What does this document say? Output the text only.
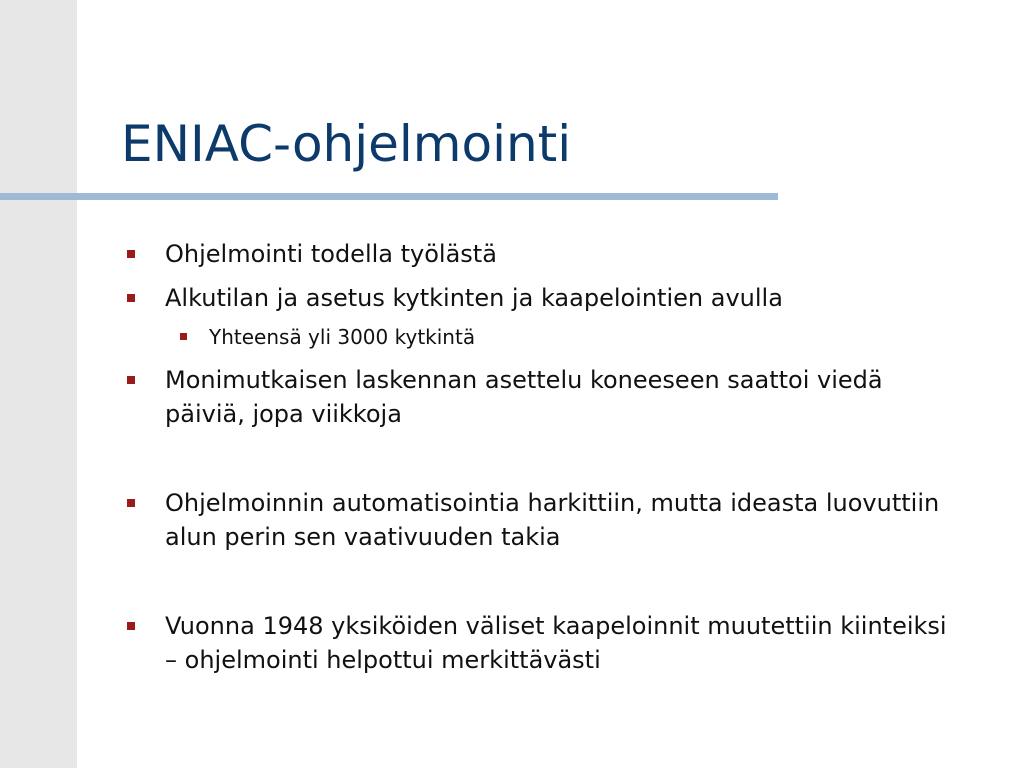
ENIAC-ohjelmointi
Ohjelmointi todella työlästä
Alkutilan ja asetus kytkinten ja kaapelointien avulla
Yhteensä yli 3000 kytkintä
Monimutkaisen laskennan asettelu koneeseen saattoi viedä päiviä, jopa viikkoja
Ohjelmoinnin automatisointia harkittiin, mutta ideasta luovuttiin alun perin sen vaativuuden takia
Vuonna 1948 yksiköiden väliset kaapeloinnit muutettiin kiinteiksi – ohjelmointi helpottui merkittävästi
